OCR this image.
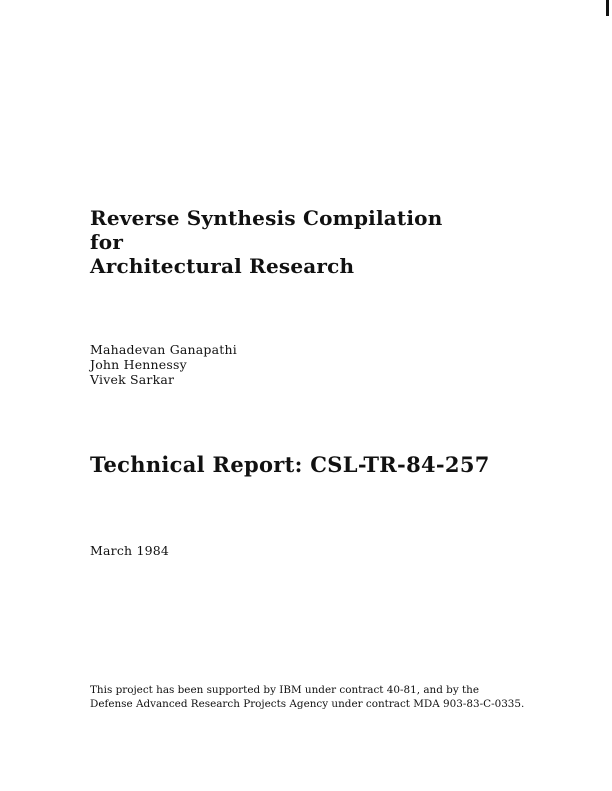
Reverse Synthesis Compilation
for
Architectural Research
Mahadevan Ganapathi
John Hennessy
Vivek Sarkar
Technical Report: CSL-TR-84-257
March 1984
This project has been supported by IBM under contract 40-81, and by the
Defense Advanced Research Projects Agency under contract MDA 903-83-C-0335.
